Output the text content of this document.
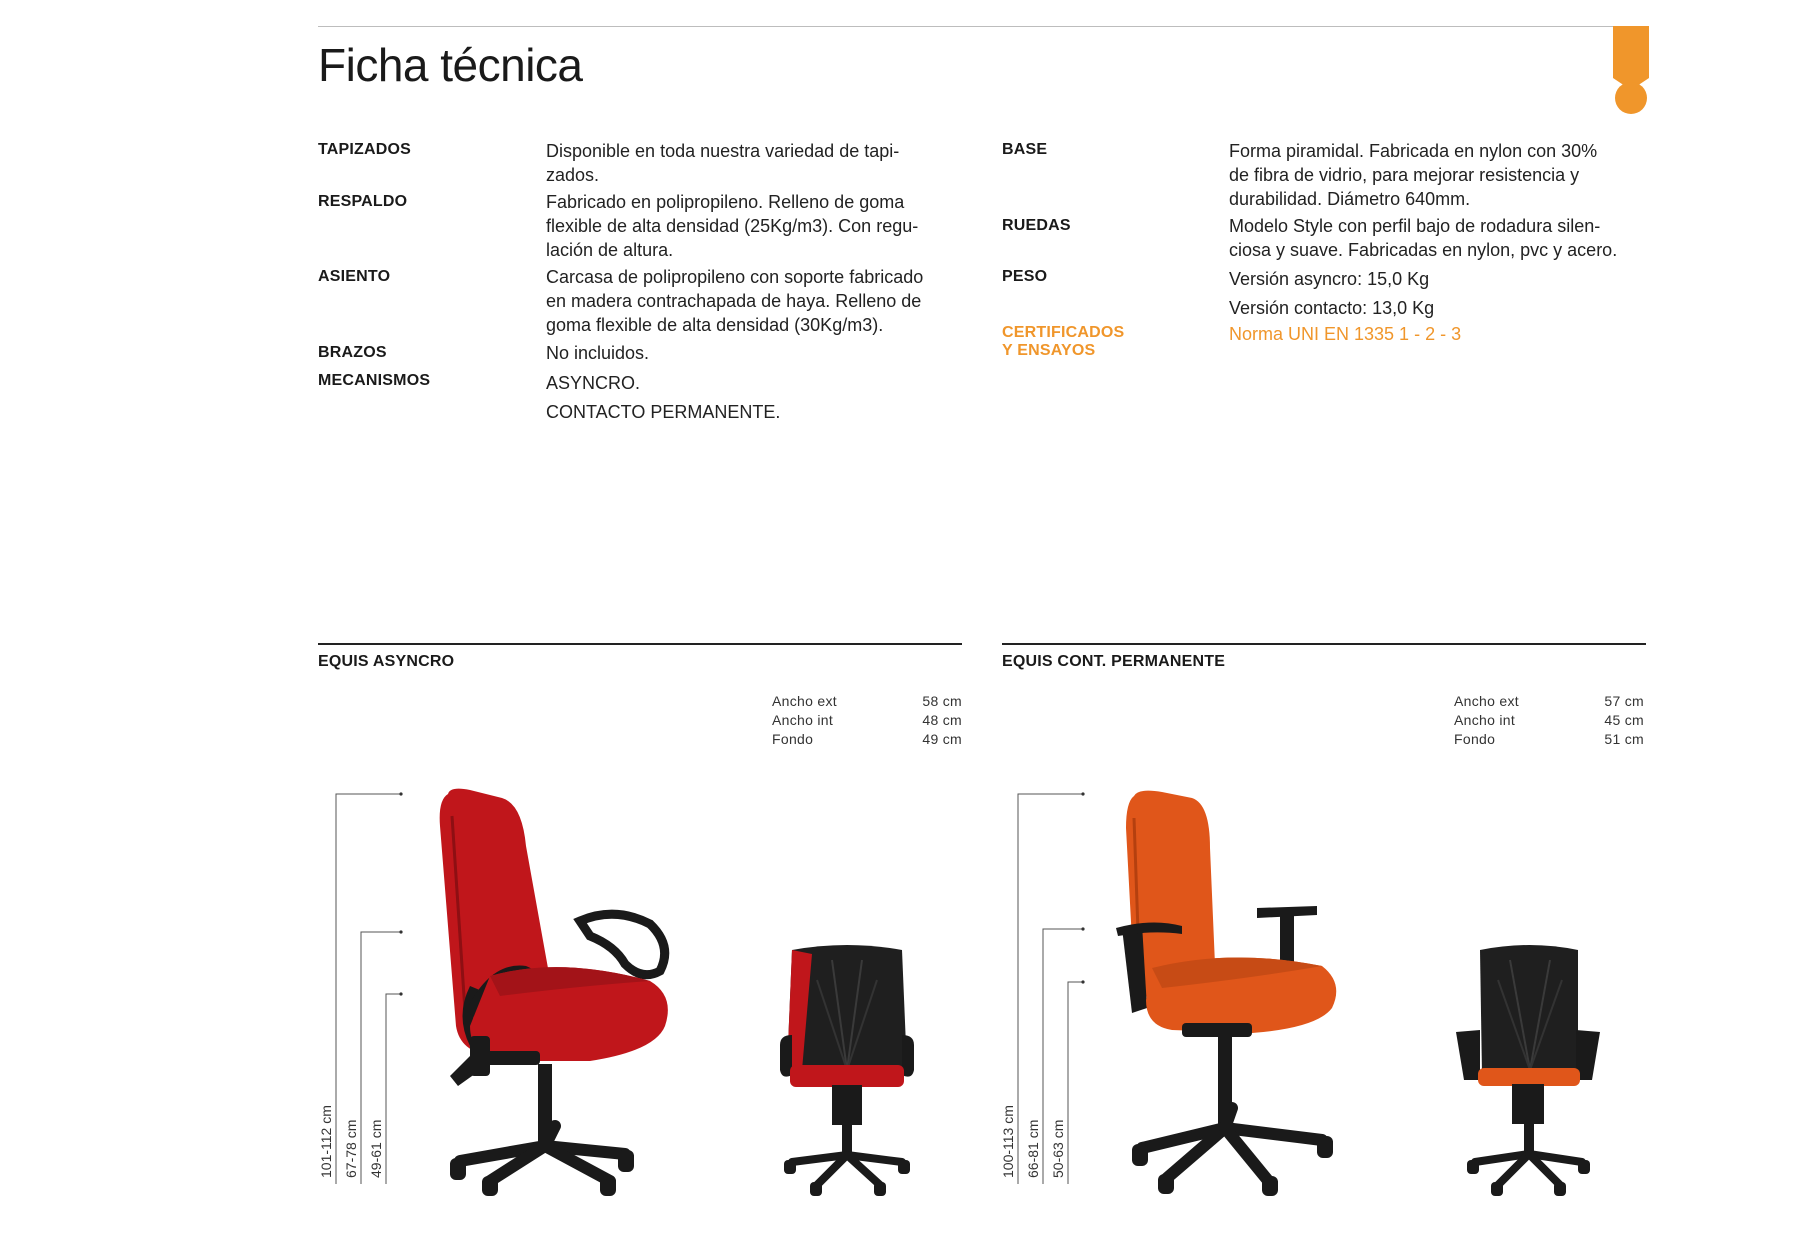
Ficha técnica
TAPIZADOS	Disponible en toda nuestra variedad de tapi-
zados.
RESPALDO	Fabricado en polipropileno. Relleno de goma
flexible de alta densidad (25Kg/m3). Con regu-
lación de altura.
ASIENTO	Carcasa de polipropileno con soporte fabricado
en madera contrachapada de haya. Relleno de
goma flexible de alta densidad (30Kg/m3).
BRAZOS	No incluidos.
MECANISMOS	ASYNCRO.
CONTACTO PERMANENTE.
BASE	Forma piramidal. Fabricada en nylon con 30%
de fibra de vidrio, para mejorar resistencia y
durabilidad. Diámetro 640mm.
RUEDAS	Modelo Style con perfil bajo de rodadura silen-
ciosa y suave. Fabricadas en nylon, pvc y acero.
PESO	Versión asyncro: 15,0 Kg
Versión contacto: 13,0 Kg
CERTIFICADOS
Y ENSAYOS
Norma UNI EN 1335 1 - 2 - 3
EQUIS ASYNCRO
Ancho ext	58 cm
Ancho int	48 cm
Fondo	49 cm
101-112 cm 67-78 cm 49-61 cm
EQUIS CONT. PERMANENTE
Ancho ext	57 cm
Ancho int	45 cm
Fondo	51 cm
100-113 cm 66-81 cm 50-63 cm
